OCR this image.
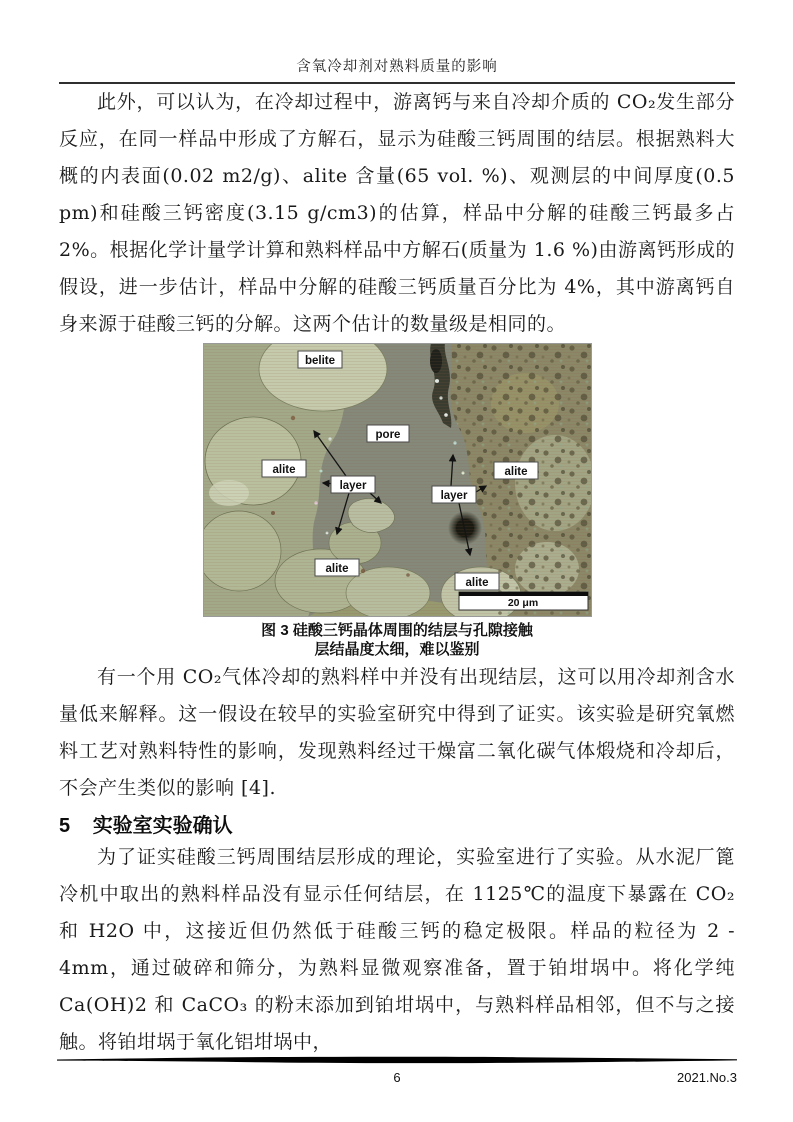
含氧冷却剂对熟料质量的影响

此外，可以认为，在冷却过程中，游离钙与来自冷却介质的 CO₂发生部分反应，在同一样品中形成了方解石，显示为硅酸三钙周围的结层。根据熟料大概的内表面(0.02 m2/g)、alite 含量(65 vol. %)、观测层的中间厚度(0.5 pm)和硅酸三钙密度(3.15 g/cm3)的估算，样品中分解的硅酸三钙最多占 2%。根据化学计量学计算和熟料样品中方解石(质量为 1.6 %)由游离钙形成的假设，进一步估计，样品中分解的硅酸三钙质量百分比为 4%，其中游离钙自身来源于硅酸三钙的分解。这两个估计的数量级是相同的。

belite
pore
alite	alite
layer
layer
alite
alite
20 μm
图 3 硅酸三钙晶体周围的结层与孔隙接触
层结晶度太细，难以鉴别

有一个用 CO₂气体冷却的熟料样中并没有出现结层，这可以用冷却剂含水量低来解释。这一假设在较早的实验室研究中得到了证实。该实验是研究氧燃料工艺对熟料特性的影响，发现熟料经过干燥富二氧化碳气体煅烧和冷却后，不会产生类似的影响 [4].

5 实验室实验确认

为了证实硅酸三钙周围结层形成的理论，实验室进行了实验。从水泥厂篦冷机中取出的熟料样品没有显示任何结层，在 1125℃的温度下暴露在 CO₂ 和 H2O 中，这接近但仍然低于硅酸三钙的稳定极限。样品的粒径为 2 - 4mm，通过破碎和筛分，为熟料显微观察准备，置于铂坩埚中。将化学纯 Ca(OH)2 和 CaCO₃ 的粉末添加到铂坩埚中，与熟料样品相邻，但不与之接触。将铂坩埚于氧化铝坩埚中，

6	2021.No.3
